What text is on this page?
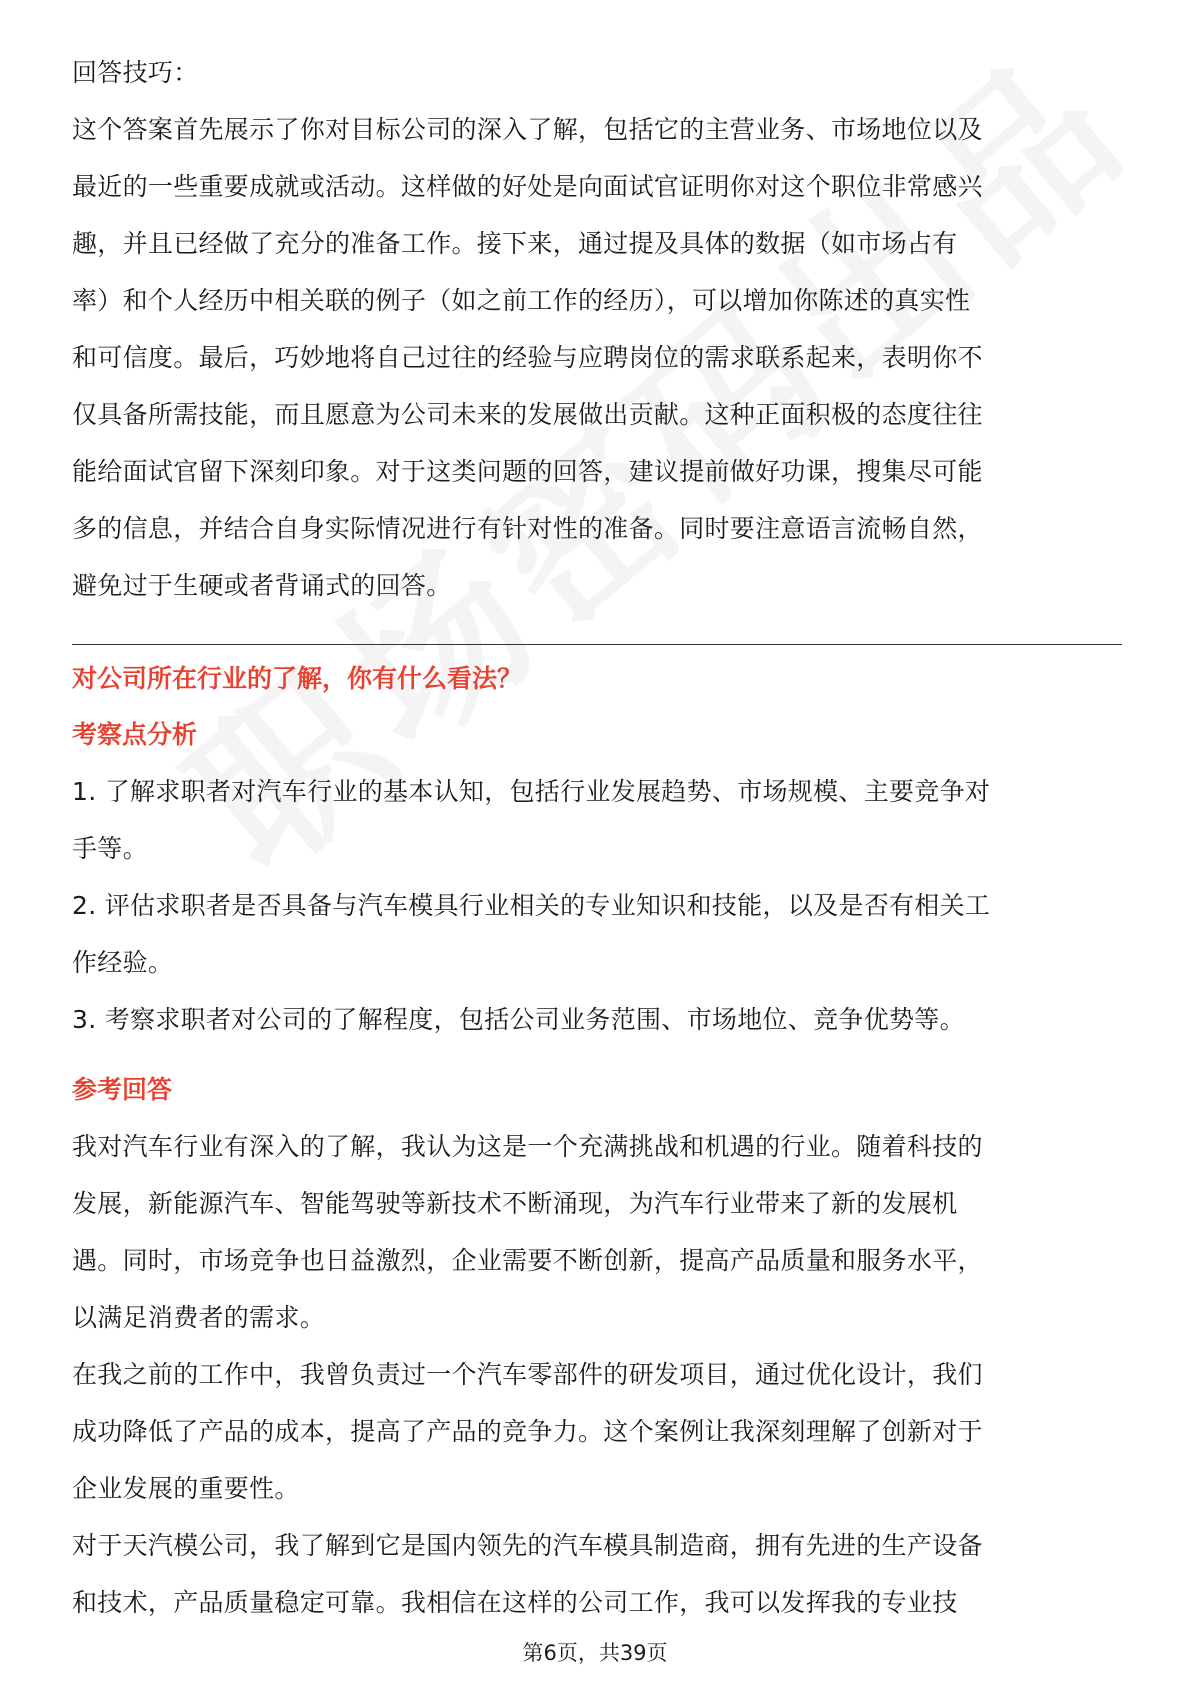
回答技巧：

这个答案首先展示了你对目标公司的深入了解，包括它的主营业务、市场地位以及

最近的一些重要成就或活动。这样做的好处是向面试官证明你对这个职位非常感兴

趣，并且已经做了充分的准备工作。接下来，通过提及具体的数据（如市场占有

率）和个人经历中相关联的例子（如之前工作的经历），可以增加你陈述的真实性

和可信度。最后，巧妙地将自己过往的经验与应聘岗位的需求联系起来，表明你不

仅具备所需技能，而且愿意为公司未来的发展做出贡献。这种正面积极的态度往往

能给面试官留下深刻印象。对于这类问题的回答，建议提前做好功课，搜集尽可能

多的信息，并结合自身实际情况进行有针对性的准备。同时要注意语言流畅自然，

避免过于生硬或者背诵式的回答。

对公司所在行业的了解，你有什么看法？
考察点分析

1. 了解求职者对汽车行业的基本认知，包括行业发展趋势、市场规模、主要竞争对

手等。

2. 评估求职者是否具备与汽车模具行业相关的专业知识和技能，以及是否有相关工

作经验。

3. 考察求职者对公司的了解程度，包括公司业务范围、市场地位、竞争优势等。

参考回答

我对汽车行业有深入的了解，我认为这是一个充满挑战和机遇的行业。随着科技的

发展，新能源汽车、智能驾驶等新技术不断涌现，为汽车行业带来了新的发展机

遇。同时，市场竞争也日益激烈，企业需要不断创新，提高产品质量和服务水平，

以满足消费者的需求。

在我之前的工作中，我曾负责过一个汽车零部件的研发项目，通过优化设计，我们

成功降低了产品的成本，提高了产品的竞争力。这个案例让我深刻理解了创新对于

企业发展的重要性。

对于天汽模公司，我了解到它是国内领先的汽车模具制造商，拥有先进的生产设备

和技术，产品质量稳定可靠。我相信在这样的公司工作，我可以发挥我的专业技

第6页，共39页
